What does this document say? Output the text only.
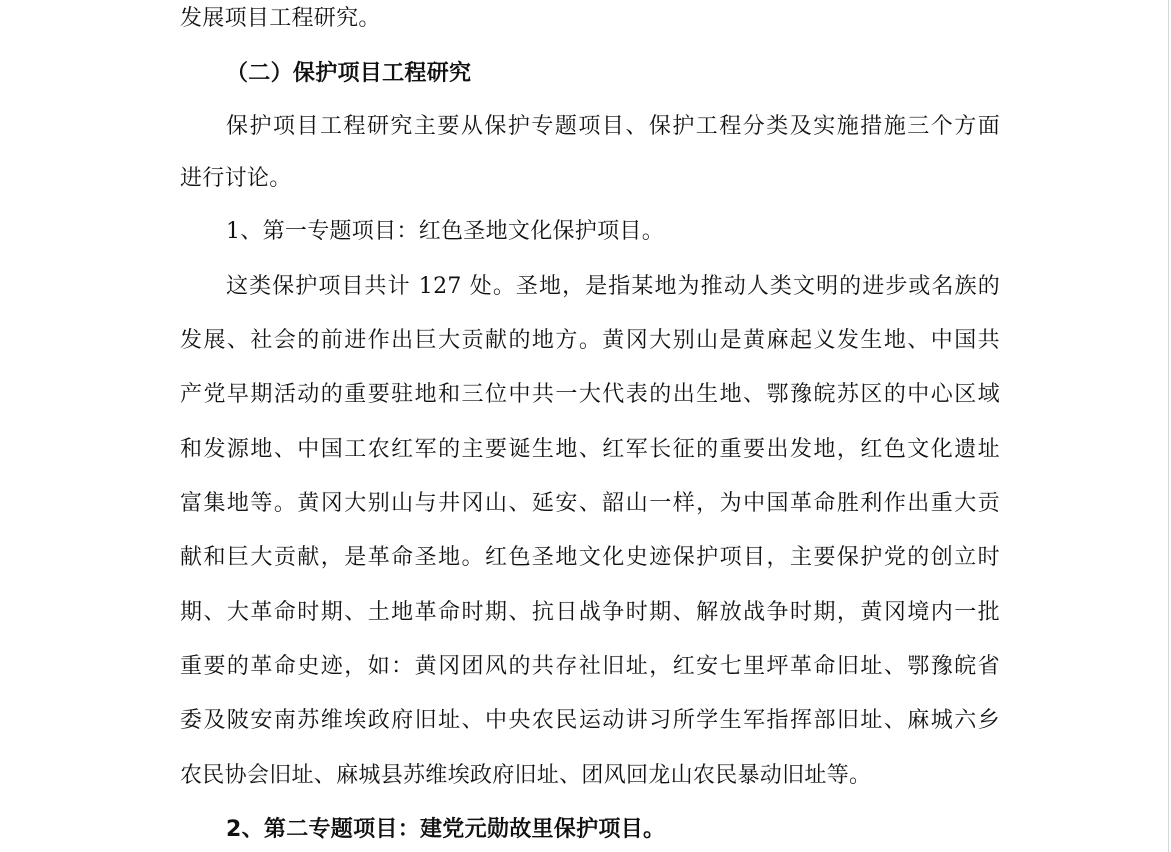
发展项目工程研究。
（二）保护项目工程研究
保护项目工程研究主要从保护专题项目、保护工程分类及实施措施三个方面
进行讨论。
1、第一专题项目：红色圣地文化保护项目。
这类保护项目共计 127 处。圣地，是指某地为推动人类文明的进步或名族的
发展、社会的前进作出巨大贡献的地方。黄冈大别山是黄麻起义发生地、中国共
产党早期活动的重要驻地和三位中共一大代表的出生地、鄂豫皖苏区的中心区域
和发源地、中国工农红军的主要诞生地、红军长征的重要出发地，红色文化遗址
富集地等。黄冈大别山与井冈山、延安、韶山一样，为中国革命胜利作出重大贡
献和巨大贡献，是革命圣地。红色圣地文化史迹保护项目，主要保护党的创立时
期、大革命时期、土地革命时期、抗日战争时期、解放战争时期，黄冈境内一批
重要的革命史迹，如：黄冈团风的共存社旧址，红安七里坪革命旧址、鄂豫皖省
委及陂安南苏维埃政府旧址、中央农民运动讲习所学生军指挥部旧址、麻城六乡
农民协会旧址、麻城县苏维埃政府旧址、团风回龙山农民暴动旧址等。
2、第二专题项目：建党元勋故里保护项目。
